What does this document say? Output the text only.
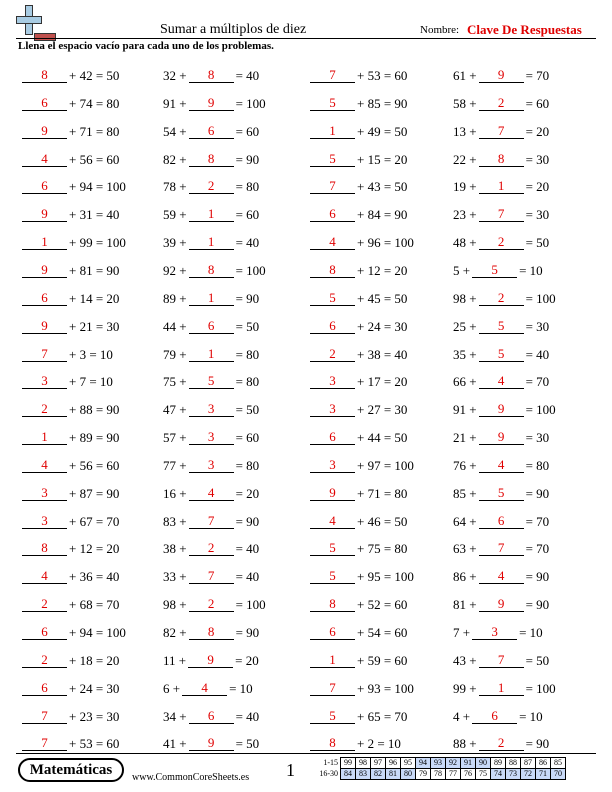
Sumar a múltiplos de diez	Nombre: Clave De Respuestas
Llena el espacio vacío para cada uno de los problemas.
8	+ 42 = 50
6	+ 74 = 80
9	+ 71 = 80
4	+ 56 = 60
6	+ 94 = 100
9	+ 31 = 40
1	+ 99 = 100
9	+ 81 = 90
6	+ 14 = 20
9	+ 21 = 30
7	+ 3 = 10
3	+ 7 = 10
2	+ 88 = 90
1	+ 89 = 90
4	+ 56 = 60
3	+ 87 = 90
3	+ 67 = 70
8	+ 12 = 20
4	+ 36 = 40
2	+ 68 = 70
6	+ 94 = 100
2	+ 18 = 20
6	+ 24 = 30
7	+ 23 = 30
7	+ 53 = 60
32 +	8	= 40
91 +	9	= 100
54 +	6	= 60
82 +	8	= 90
78 +	2	= 80
59 +	1	= 60
39 +	1	= 40
92 +	8	= 100
89 +	1	= 90
44 +	6	= 50
79 +	1	= 80
75 +	5	= 80
47 +	3	= 50
57 +	3	= 60
77 +	3	= 80
16 +	4	= 20
83 +	7	= 90
38 +	2	= 40
33 +	7	= 40
98 +	2	= 100
82 +	8	= 90
11 +	9	= 20
6 +	4	= 10
34 +	6	= 40
41 +	9	= 50
7	+ 53 = 60
5	+ 85 = 90
1	+ 49 = 50
5	+ 15 = 20
7	+ 43 = 50
6	+ 84 = 90
4	+ 96 = 100
8	+ 12 = 20
5	+ 45 = 50
6	+ 24 = 30
2	+ 38 = 40
3	+ 17 = 20
3	+ 27 = 30
6	+ 44 = 50
3	+ 97 = 100
9	+ 71 = 80
4	+ 46 = 50
5	+ 75 = 80
5	+ 95 = 100
8	+ 52 = 60
6	+ 54 = 60
1	+ 59 = 60
7	+ 93 = 100
5	+ 65 = 70
8	+ 2 = 10
61 +	9	= 70
58 +	2	= 60
13 +	7	= 20
22 +	8	= 30
19 +	1	= 20
23 +	7	= 30
48 +	2	= 50
5 +	5	= 10
98 +	2	= 100
25 +	5	= 30
35 +	5	= 40
66 +	4	= 70
91 +	9	= 100
21 +	9	= 30
76 +	4	= 80
85 +	5	= 90
64 +	6	= 70
63 +	7	= 70
86 +	4	= 90
81 +	9	= 90
7 +	3	= 10
43 +	7	= 50
99 +	1	= 100
4 +	6	= 10
88 +	2	= 90
Matemáticas	www.CommonCoreSheets.es 1	1-15	99	98	97	96	95	94	93	92	91	90	89	88	87	86	85
16-30	84	83	82	81	80	79	78	77	76	75	74	73	72	71	70
